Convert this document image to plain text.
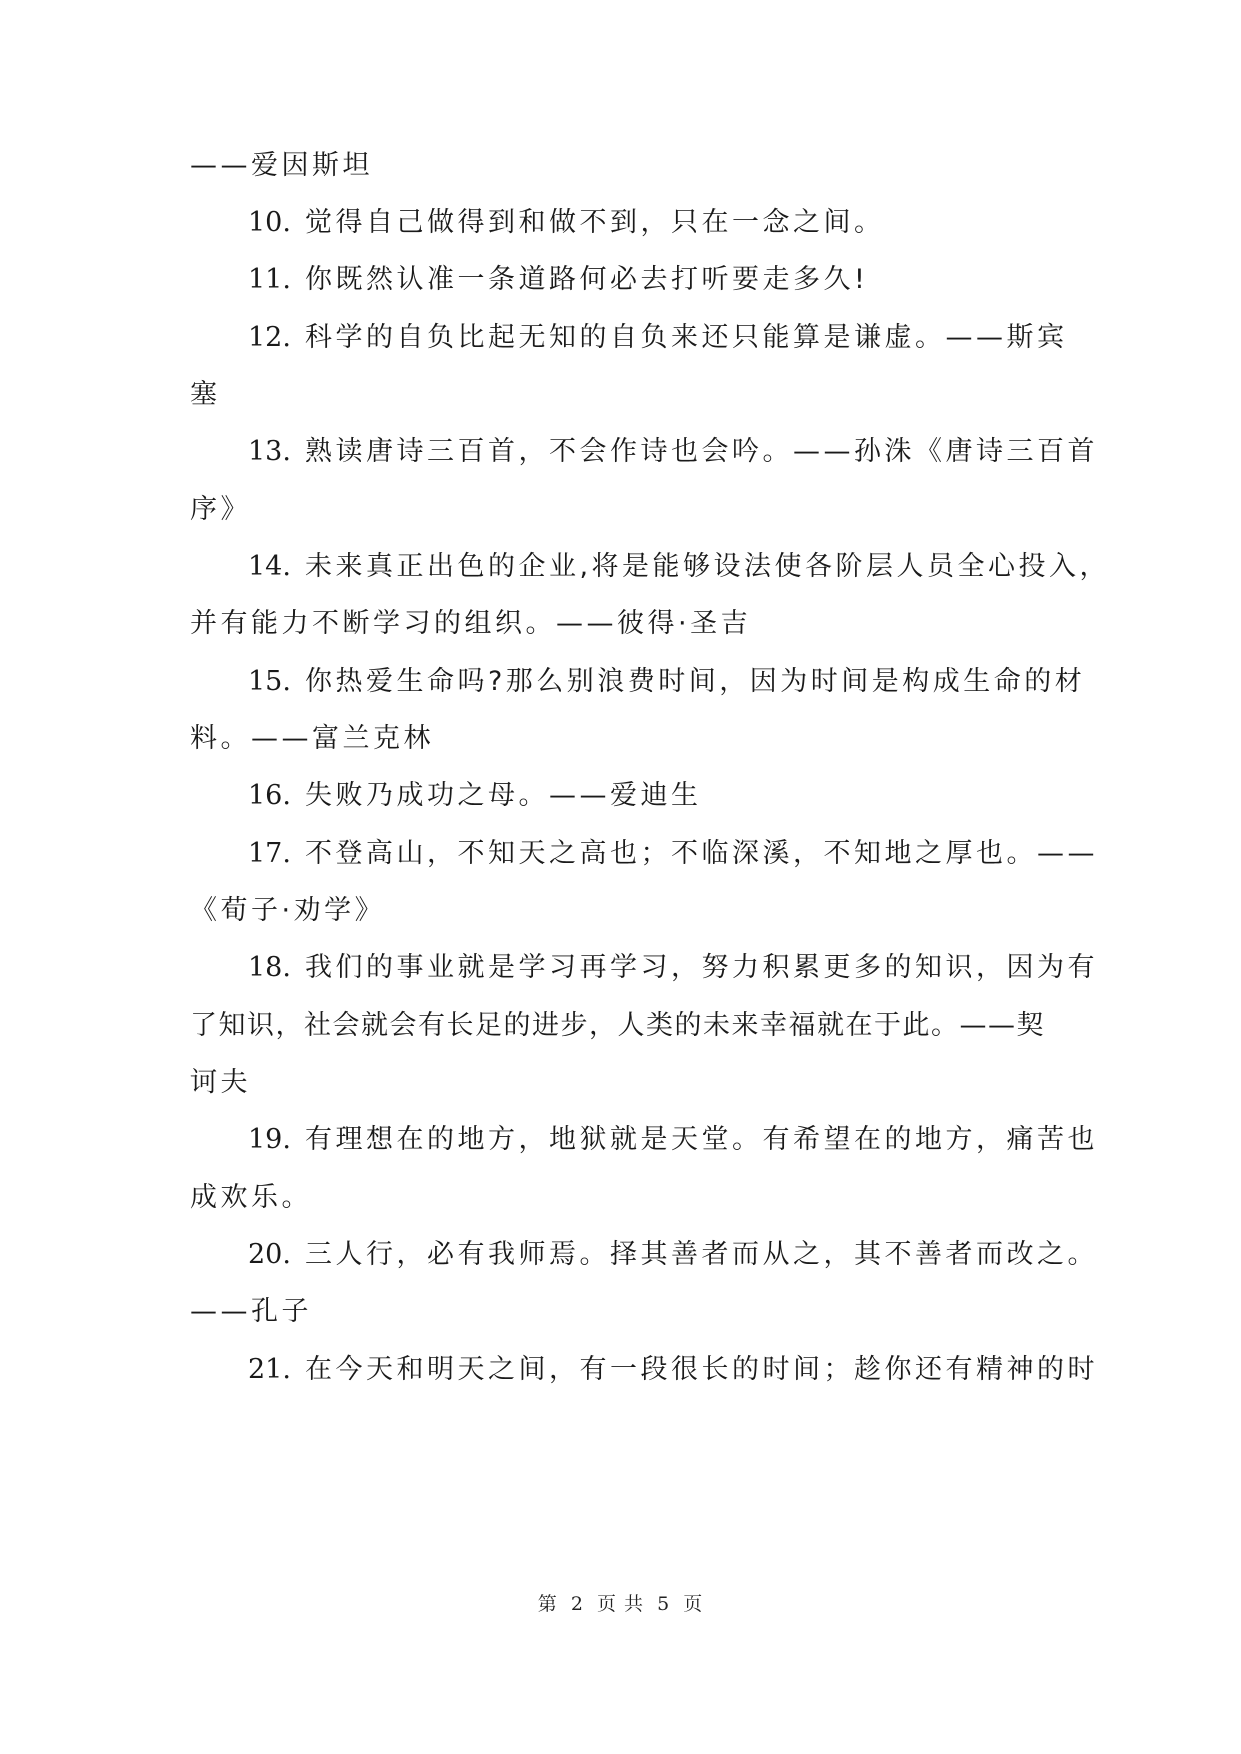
——爱因斯坦
10. 觉得自己做得到和做不到，只在一念之间。
11. 你既然认准一条道路何必去打听要走多久!
12. 科学的自负比起无知的自负来还只能算是谦虚。——斯宾
塞
13. 熟读唐诗三百首，不会作诗也会吟。——孙洙《唐诗三百首
序》
14. 未来真正出色的企业,将是能够设法使各阶层人员全心投入，
并有能力不断学习的组织。——彼得·圣吉
15. 你热爱生命吗?那么别浪费时间，因为时间是构成生命的材
料。——富兰克林
16. 失败乃成功之母。——爱迪生
17. 不登高山，不知天之高也；不临深溪，不知地之厚也。——
《荀子·劝学》
18. 我们的事业就是学习再学习，努力积累更多的知识，因为有
了知识，社会就会有长足的进步，人类的未来幸福就在于此。——契
诃夫
19. 有理想在的地方，地狱就是天堂。有希望在的地方，痛苦也
成欢乐。
20. 三人行，必有我师焉。择其善者而从之，其不善者而改之。
——孔子
21. 在今天和明天之间，有一段很长的时间；趁你还有精神的时
第 2 页 共 5 页
